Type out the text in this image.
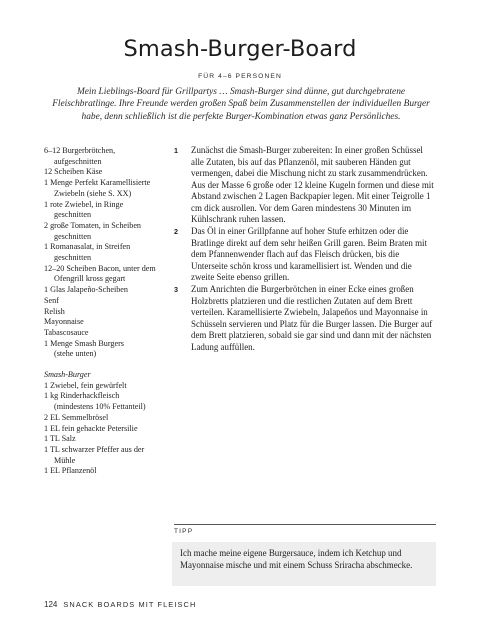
Smash-Burger-Board
FÜR 4–6 PERSONEN
Mein Lieblings-Board für Grillpartys … Smash-Burger sind dünne, gut durchgebratene Fleischbratlinge. Ihre Freunde werden großen Spaß beim Zusammenstellen der individuellen Burger habe, denn schließlich ist die perfekte Burger-Kombination etwas ganz Persönliches.
6–12 Burgerbrötchen,
aufgeschnitten
12 Scheiben Käse
1 Menge Perfekt Karamellisierte
Zwiebeln (siehe S. XX)
1 rote Zwiebel, in Ringe
geschnitten
2 große Tomaten, in Scheiben
geschnitten
1 Romanasalat, in Streifen
geschnitten
12–20 Scheiben Bacon, unter dem
Ofengrill kross gegart
1 Glas Jalapeño-Scheiben
Senf
Relish
Mayonnaise
Tabascosauce
1 Menge Smash Burgers
(stehe unten)
Smash-Burger
1 Zwiebel, fein gewürfelt
1 kg Rinderhackfleisch
(mindestens 10% Fettanteil)
2 EL Semmelbrösel
1 EL fein gehackte Petersilie
1 TL Salz
1 TL schwarzer Pfeffer aus der
Mühle
1 EL Pflanzenöl
1 Zunächst die Smash-Burger zubereiten: In einer großen Schüssel alle Zutaten, bis auf das Pflanzenöl, mit sauberen Händen gut vermengen, dabei die Mischung nicht zu stark zusammendrücken. Aus der Masse 6 große oder 12 kleine Kugeln formen und diese mit Abstand zwischen 2 Lagen Backpapier legen. Mit einer Teigrolle 1 cm dick ausrollen. Vor dem Garen mindestens 30 Minuten im Kühlschrank ruhen lassen.
2 Das Öl in einer Grillpfanne auf hoher Stufe erhitzen oder die Bratlinge direkt auf dem sehr heißen Grill garen. Beim Braten mit dem Pfannenwender flach auf das Fleisch drücken, bis die Unterseite schön kross und karamellisiert ist. Wenden und die zweite Seite ebenso grillen.
3 Zum Anrichten die Burgerbrötchen in einer Ecke eines großen Holzbretts platzieren und die restlichen Zutaten auf dem Brett verteilen. Karamellisierte Zwiebeln, Jalapeños und Mayonnaise in Schüsseln servieren und Platz für die Burger lassen. Die Burger auf dem Brett platzieren, sobald sie gar sind und dann mit der nächsten Ladung auffüllen.
TIPP
Ich mache meine eigene Burgersauce, indem ich Ketchup und Mayonnaise mische und mit einem Schuss Sriracha abschmecke.
124 SNACK BOARDS MIT FLEISCH
